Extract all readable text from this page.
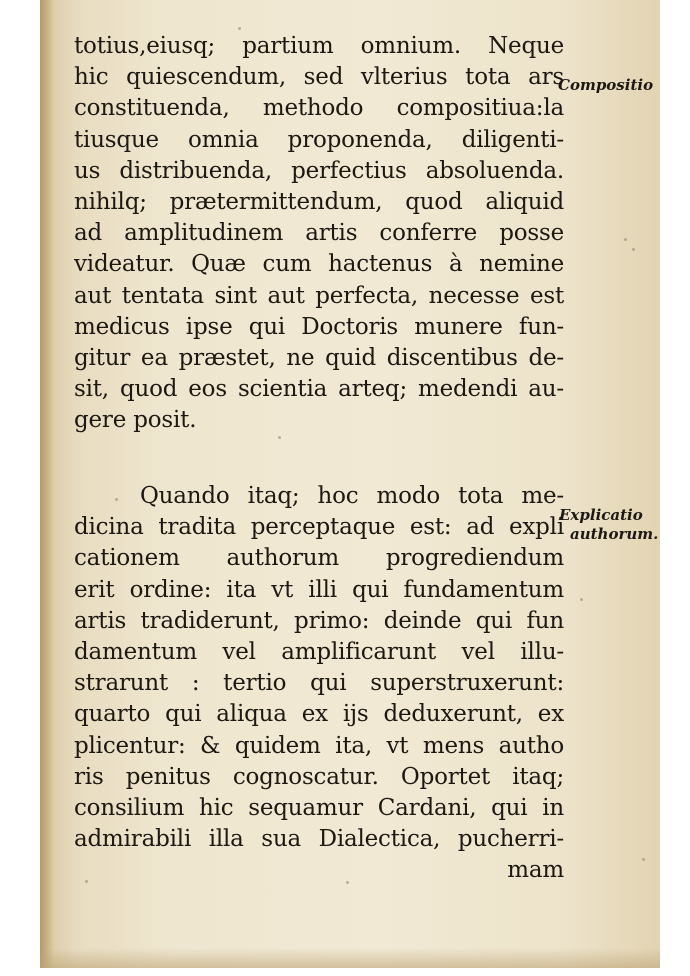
totius,eiusq; partium omnium. Neque
hic quiescendum, sed vlterius tota ars
constituenda, methodo compositiua:la
tiusque omnia proponenda, diligenti-
us distribuenda, perfectius absoluenda.
nihilq; prætermittendum, quod aliquid
ad amplitudinem artis conferre posse
videatur. Quæ cum hactenus à nemine
aut tentata sint aut perfecta, necesse est
medicus ipse qui Doctoris munere fun-
gitur ea præstet, ne quid discentibus de-
sit, quod eos scientia arteq; medendi au-
gere posit.
Quando itaq; hoc modo tota me-
dicina tradita perceptaque est: ad expli
cationem authorum progrediendum
erit ordine: ita vt illi qui fundamentum
artis tradiderunt, primo: deinde qui fun
damentum vel amplificarunt vel illu-
strarunt : tertio qui superstruxerunt:
quarto qui aliqua ex ijs deduxerunt, ex
plicentur: & quidem ita, vt mens autho
ris penitus cognoscatur. Oportet itaq;
consilium hic sequamur Cardani, qui in
admirabili illa sua Dialectica, pucherri-
mam
Compositio
Explicatio
authorum.
